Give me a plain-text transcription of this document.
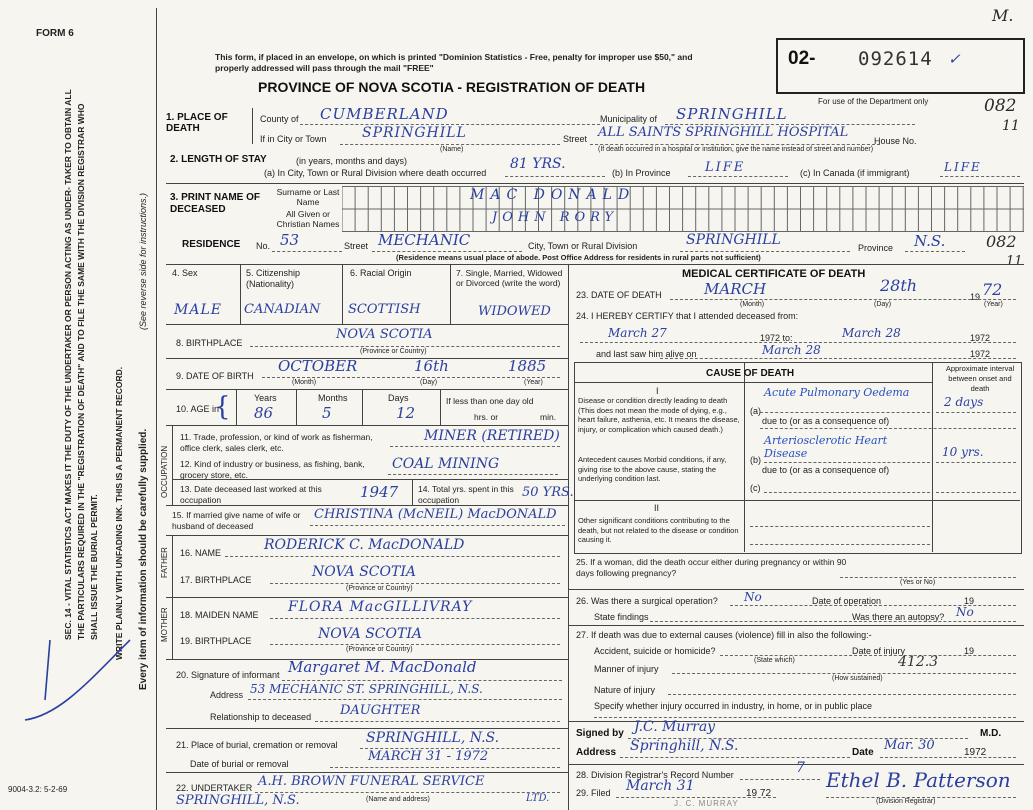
SEC. 14 - VITAL STATISTICS ACT MAKES IT THE DUTY OF THE UNDERTAKER OR PERSON ACTING AS UNDER- TAKER TO OBTAIN ALL THE PARTICULARS REQUIRED IN THE "REGISTRATION OF DEATH" AND TO FILE THE SAME WITH THE DIVISION REGISTRAR WHO SHALL ISSUE THE BURIAL PERMIT. WRITE PLAINLY WITH UNFADING INK. THIS IS A PERMANENT RECORD.
(See reverse side for instructions.)
Every item of information should be carefully supplied.
9004-3.2: 5-2-69
FORM 6
M.
This form, if placed in an envelope, on which is printed "Dominion Statistics - Free, penalty for improper use $50," and properly addressed will pass through the mail "FREE"
PROVINCE OF NOVA SCOTIA - REGISTRATION OF DEATH
02- 092614 ✓
For use of the Department only	082
11
1. PLACE OF DEATH
County of CUMBERLAND	Municipality of SPRINGHILL
If in City or Town	SPRINGHILL
(Name)
Street ALL SAINTS SPRINGHILL HOSPITAL
House No.
(If death occurred in a hospital or institution, give the name instead of street and number)
2. LENGTH OF STAY	(in years, months and days)
(a) In City, Town or Rural Division where death occurred
81 YRS.
(b) In Province	LIFE	(c) In Canada (if immigrant)	LIFE
3. PRINT NAME OF DECEASED
Surname or Last Name
All Given or Christian Names
MAC DONALD
JOHN RORY
RESIDENCE No. 53	Street MECHANIC	City, Town or Rural Division	SPRINGHILL	Province N.S.	082
11
(Residence means usual place of abode. Post Office Address for residents in rural parts not sufficient)
4. Sex
MALE
5. Citizenship (Nationality)
CANADIAN
6. Racial Origin
SCOTTISH
7. Single, Married, Widowed or Divorced (write the word)
WIDOWED
8. BIRTHPLACE
NOVA SCOTIA
(Province or Country)
9. DATE OF BIRTH
OCTOBER	16th	1885
(Month)	(Day)	(Year)
10. AGE in
{	Years	Months	Days
86	5	12
If less than one day old
hrs. or	min.
OCCUPATION
11. Trade, profession, or kind of work as fisherman, office clerk, sales clerk, etc.
MINER (RETIRED)
12. Kind of industry or business, as fishing, bank, grocery store, etc.
COAL MINING
13. Date deceased last worked at this occupation	1947 14. Total yrs. spent in this occupation	50 YRS.
15. If married give name of wife or husband of deceased
CHRISTINA (McNEIL) MacDONALD
FATHER 16. NAME	RODERICK C. MacDONALD
17. BIRTHPLACE	NOVA SCOTIA
(Province or Country)
MOTHER 18. MAIDEN NAME FLORA MacGILLIVRAY
19. BIRTHPLACE	NOVA SCOTIA
(Province or Country)
20. Signature of informant Margaret M. MacDonald
Address 53 MECHANIC ST. SPRINGHILL, N.S.
Relationship to deceased DAUGHTER
21. Place of burial, cremation or removal SPRINGHILL, N.S.
Date of burial or removal	MARCH 31 - 1972
22. UNDERTAKER A.H. BROWN FUNERAL SERVICE
SPRINGHILL, N.S.	LTD.
(Name and address)
MEDICAL CERTIFICATE OF DEATH
23. DATE OF DEATH	MARCH	28th
19 72
(Month)	(Day)	(Year)
24. I HEREBY CERTIFY that I attended deceased from:
March 27	1972 to:	March 28	1972
and last saw him alive on	March 28	1972
CAUSE OF DEATH	Approximate interval between onset and death
I
Disease or condition directly leading to death (This does not mean the mode of dying, e.g., heart failure, asthenia, etc. It means the disease, injury, or complication which caused death.)
(a)
Acute Pulmonary Oedema
2 days
due to (or as a consequence of)
Antecedent causes Morbid conditions, if any, giving rise to the above cause, stating the underlying condition last.
(b)
Arteriosclerotic Heart Disease	10 yrs.
due to (or as a consequence of)
(c)
II
Other significant conditions contributing to the death, but not related to the disease or condition causing it.
25. If a woman, did the death occur either during pregnancy or within 90 days following pregnancy?
(Yes or No)
26. Was there a surgical operation? No	Date of operation	19
State findings	Was there an autopsy? No
27. If death was due to external causes (violence) fill in also the following:-
Accident, suicide or homicide?	Date of injury	19
(State which)
Manner of injury	412.3
(How sustained)
Nature of injury
Specify whether injury occurred in industry, in home, or in public place
Signed by J.C. Murray	M.D.
Address Springhill, N.S.	Date Mar. 30	1972
28. Division Registrar's Record Number	7
29. Filed March 31	19 72
Ethel B. Patterson
(Division Registrar)
J. C. MURRAY
